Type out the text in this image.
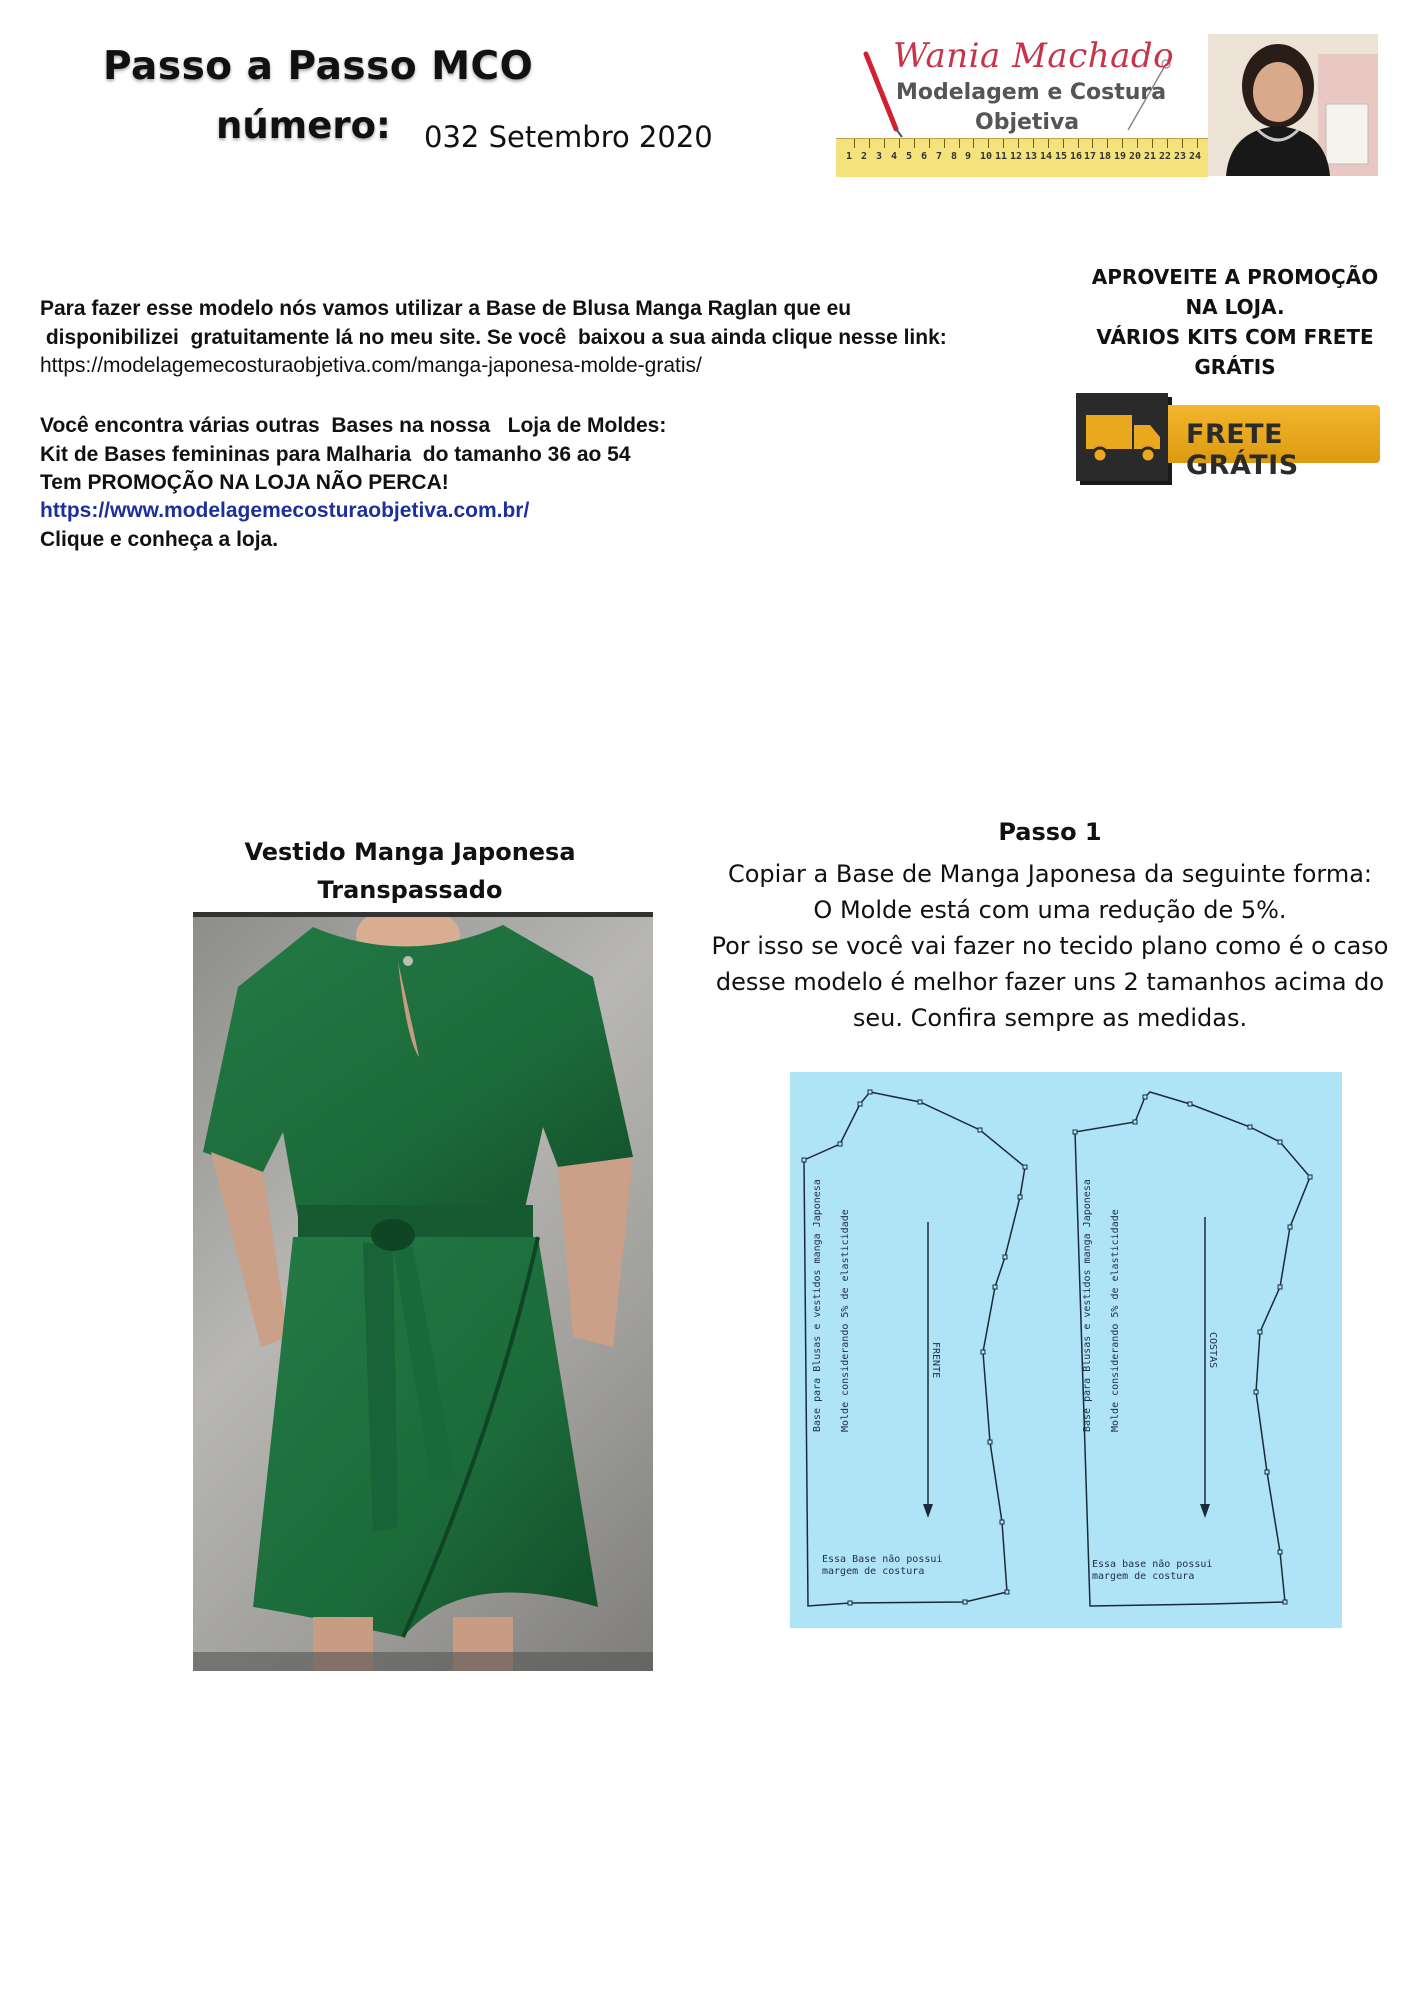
Passo a Passo MCO
número: 032 Setembro 2020
Wania Machado
Modelagem e Costura
Objetiva
1 2 3 4 5 6 7 8 9 10 11 12 13 14 15 16 17 18 19 20 21 22 23 24
APROVEITE A PROMOÇÃO
NA LOJA.
VÁRIOS KITS COM FRETE
GRÁTIS
FRETE GRÁTIS
Para fazer esse modelo nós vamos utilizar a Base de Blusa Manga Raglan que eu
disponibilizei  gratuitamente lá no meu site. Se você  baixou a sua ainda clique nesse link:
https://modelagemecosturaobjetiva.com/manga-japonesa-molde-gratis/
Você encontra várias outras  Bases na nossa   Loja de Moldes:
Kit de Bases femininas para Malharia  do tamanho 36 ao 54
Tem PROMOÇÃO NA LOJA NÃO PERCA!
https://www.modelagemecosturaobjetiva.com.br/
Clique e conheça a loja.
Vestido Manga Japonesa
Transpassado
Passo 1
Copiar a Base de Manga Japonesa da seguinte forma:
O Molde está com uma redução de 5%.
Por isso se você vai fazer no tecido plano como é o caso
desse modelo é melhor fazer uns 2 tamanhos acima do
seu. Confira sempre as medidas.
Base para Blusas e vestidos manga Japonesa Molde considerando 5% de elasticidade	FRENTE
Essa Base não possui
margem de costura
Base para Blusas e vestidos manga Japonesa Molde considerando 5% de elasticidade	COSTAS
Essa base não possui
margem de costura
